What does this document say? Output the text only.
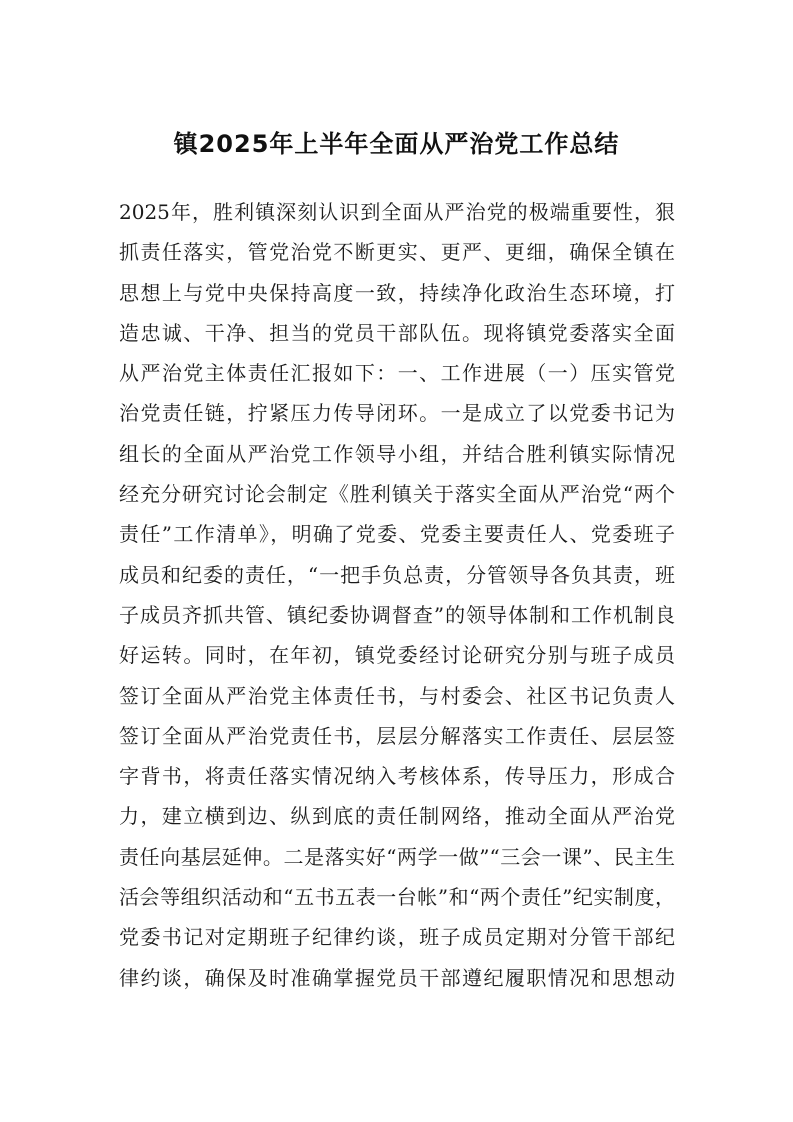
镇2025年上半年全面从严治党工作总结
2025年，胜利镇深刻认识到全面从严治党的极端重要性，狠
抓责任落实，管党治党不断更实、更严、更细，确保全镇在
思想上与党中央保持高度一致，持续净化政治生态环境，打
造忠诚、干净、担当的党员干部队伍。现将镇党委落实全面
从严治党主体责任汇报如下：一、工作进展（一）压实管党
治党责任链，拧紧压力传导闭环。一是成立了以党委书记为
组长的全面从严治党工作领导小组，并结合胜利镇实际情况
经充分研究讨论会制定《胜利镇关于落实全面从严治党“两个
责任”工作清单》，明确了党委、党委主要责任人、党委班子
成员和纪委的责任，“一把手负总责，分管领导各负其责，班
子成员齐抓共管、镇纪委协调督查”的领导体制和工作机制良
好运转。同时，在年初，镇党委经讨论研究分别与班子成员
签订全面从严治党主体责任书，与村委会、社区书记负责人
签订全面从严治党责任书，层层分解落实工作责任、层层签
字背书，将责任落实情况纳入考核体系，传导压力，形成合
力，建立横到边、纵到底的责任制网络，推动全面从严治党
责任向基层延伸。二是落实好“两学一做”“三会一课”、民主生
活会等组织活动和“五书五表一台帐”和“两个责任”纪实制度，
党委书记对定期班子纪律约谈，班子成员定期对分管干部纪
律约谈，确保及时准确掌握党员干部遵纪履职情况和思想动
